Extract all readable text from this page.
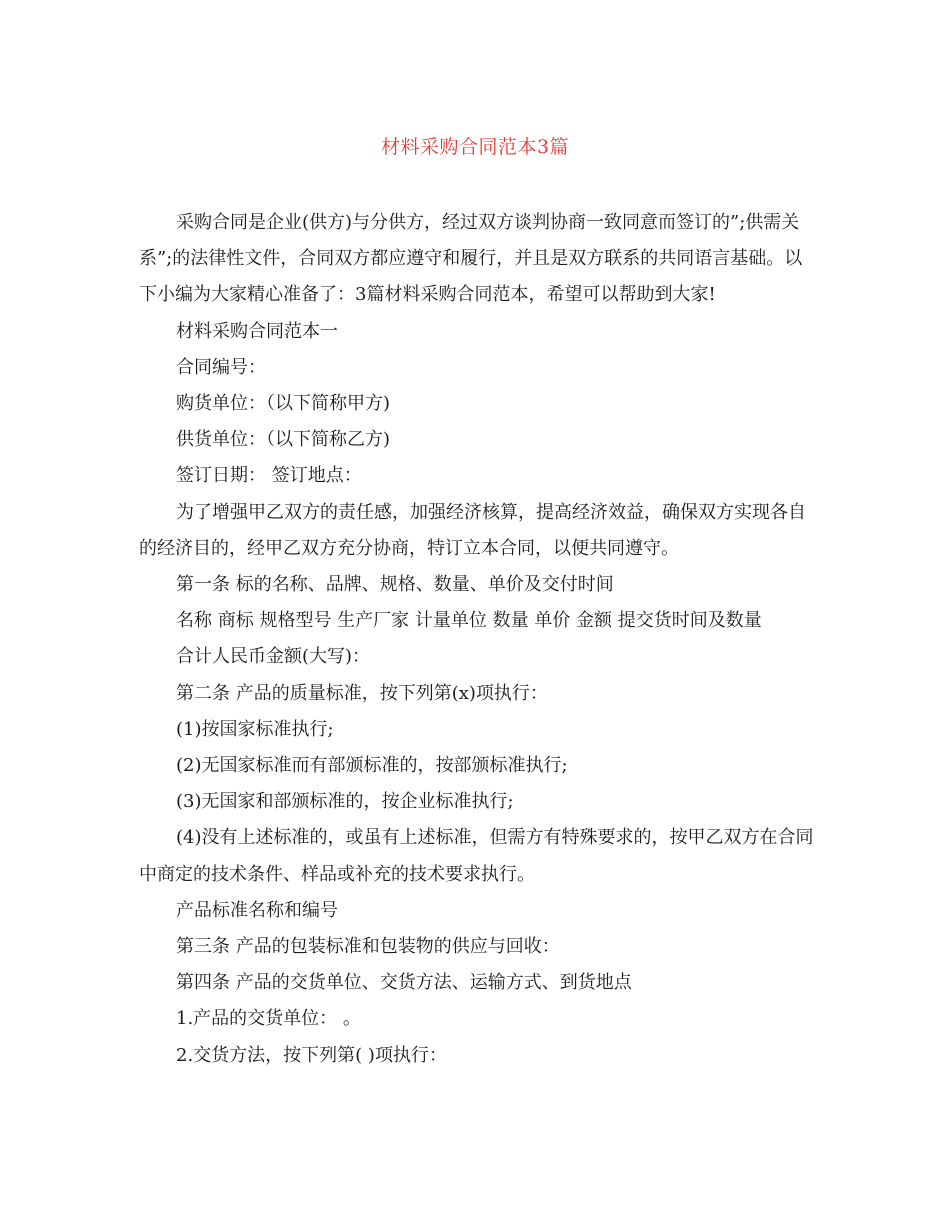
材料采购合同范本3篇

采购合同是企业(供方)与分供方，经过双方谈判协商一致同意而签订的”;供需关系”;的法律性文件，合同双方都应遵守和履行，并且是双方联系的共同语言基础。以下小编为大家精心准备了：3篇材料采购合同范本，希望可以帮助到大家!

材料采购合同范本一

合同编号：

购货单位：（以下简称甲方)

供货单位：（以下简称乙方)

签订日期： 签订地点：

为了增强甲乙双方的责任感，加强经济核算，提高经济效益，确保双方实现各自的经济目的，经甲乙双方充分协商，特订立本合同，以便共同遵守。

第一条 标的名称、品牌、规格、数量、单价及交付时间

名称 商标 规格型号 生产厂家 计量单位 数量 单价 金额 提交货时间及数量

合计人民币金额(大写)：

第二条 产品的质量标准，按下列第(x)项执行：

(1)按国家标准执行;

(2)无国家标准而有部颁标准的，按部颁标准执行;

(3)无国家和部颁标准的，按企业标准执行;

(4)没有上述标准的，或虽有上述标准，但需方有特殊要求的，按甲乙双方在合同中商定的技术条件、样品或补充的技术要求执行。

产品标准名称和编号

第三条 产品的包装标准和包装物的供应与回收：

第四条 产品的交货单位、交货方法、运输方式、到货地点

1.产品的交货单位： 。

2.交货方法，按下列第( )项执行：
